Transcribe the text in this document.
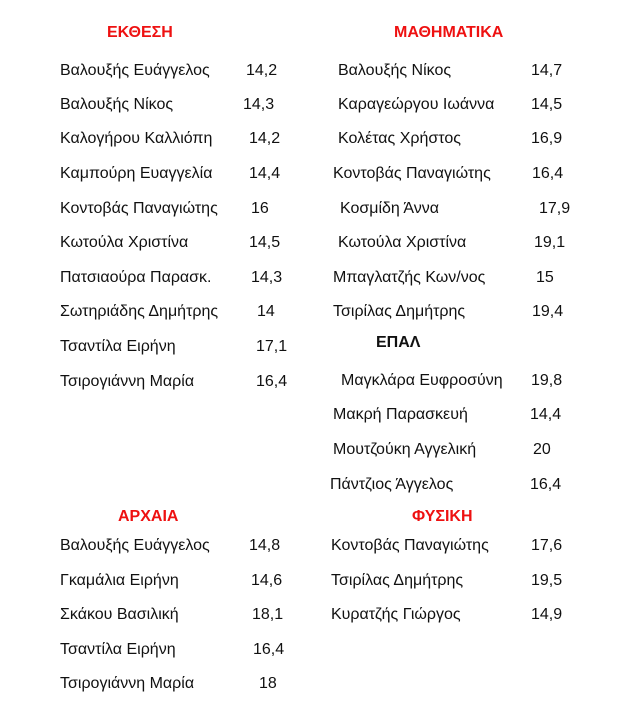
ΕΚΘΕΣΗ
Βαλουξής Ευάγγελος 14,2
Βαλουξής Νίκος	14,3
Καλογήρου Καλλιόπη 14,2
Καμπούρη Ευαγγελία 14,4
Κοντοβάς Παναγιώτης 16
Κωτούλα Χριστίνα	14,5
Πατσιαούρα Παρασκ. 14,3
Σωτηριάδης Δημήτρης 14
Τσαντίλα Ειρήνη	17,1
Τσιρογιάννη Μαρία	16,4
ΜΑΘΗΜΑΤΙΚΑ
Βαλουξής Νίκος	14,7
Καραγεώργου Ιωάννα 14,5
Κολέτας Χρήστος	16,9
Κοντοβάς Παναγιώτης	16,4
Κοσμίδη Άννα	17,9
Κωτούλα Χριστίνα	19,1
Μπαγλατζής Κων/νος	15
Τσιρίλας Δημήτρης	19,4
ΕΠΑΛ
Μαγκλάρα Ευφροσύνη 19,8
Μακρή Παρασκευή	14,4
Μουτζούκη Αγγελική	20
Πάντζιος Άγγελος	16,4
ΑΡΧΑΙΑ
Βαλουξής Ευάγγελος 14,8
Γκαμάλια Ειρήνη	14,6
Σκάκου Βασιλική	18,1
Τσαντίλα Ειρήνη	16,4
Τσιρογιάννη Μαρία	18
ΦΥΣΙΚΗ
Κοντοβάς Παναγιώτης	17,6
Τσιρίλας Δημήτρης	19,5
Κυρατζής Γιώργος	14,9
